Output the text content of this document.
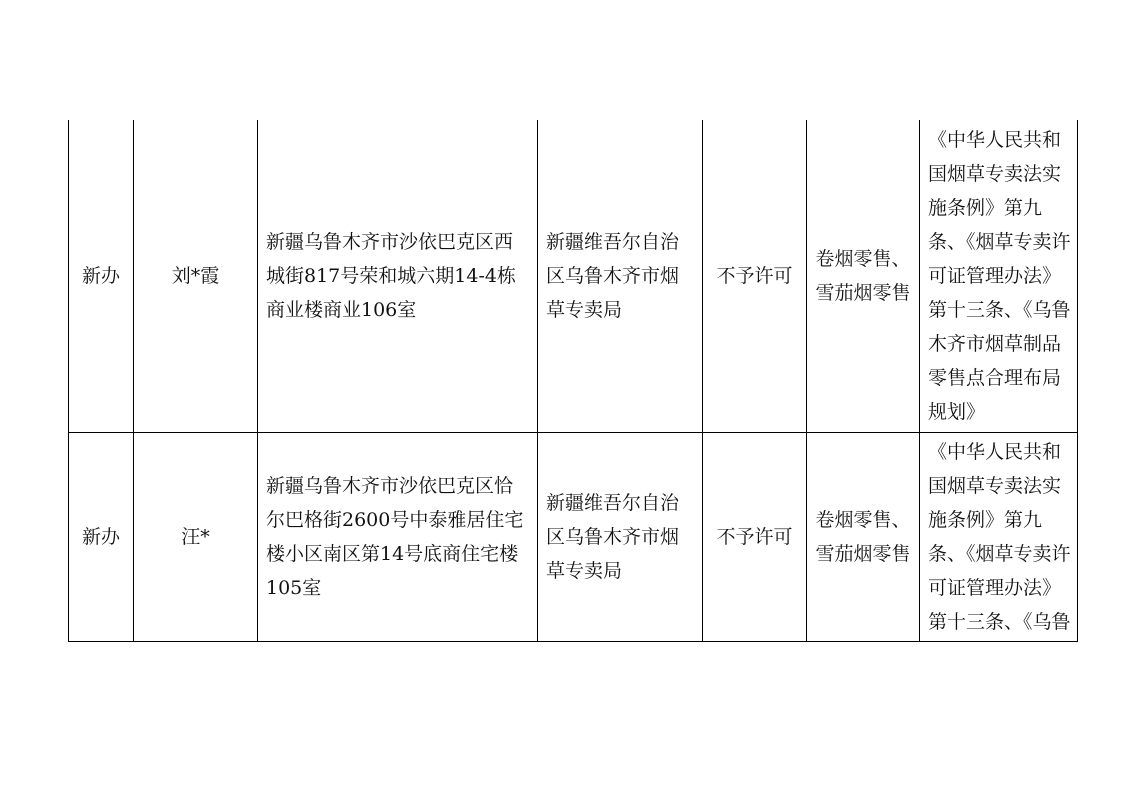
新办	刘*霞	新疆乌鲁木齐市沙依巴克区西城街817号荣和城六期14-4栋商业楼商业106室	新疆维吾尔自治区乌鲁木齐市烟草专卖局	不予许可	卷烟零售、雪茄烟零售	《中华人民共和国烟草专卖法实施条例》第九条、《烟草专卖许可证管理办法》第十三条、《乌鲁木齐市烟草制品零售点合理布局规划》

新办	汪*	新疆乌鲁木齐市沙依巴克区恰尔巴格街2600号中泰雅居住宅楼小区南区第14号底商住宅楼105室	新疆维吾尔自治区乌鲁木齐市烟草专卖局	不予许可	卷烟零售、雪茄烟零售	《中华人民共和国烟草专卖法实施条例》第九条、《烟草专卖许可证管理办法》第十三条、《乌鲁
